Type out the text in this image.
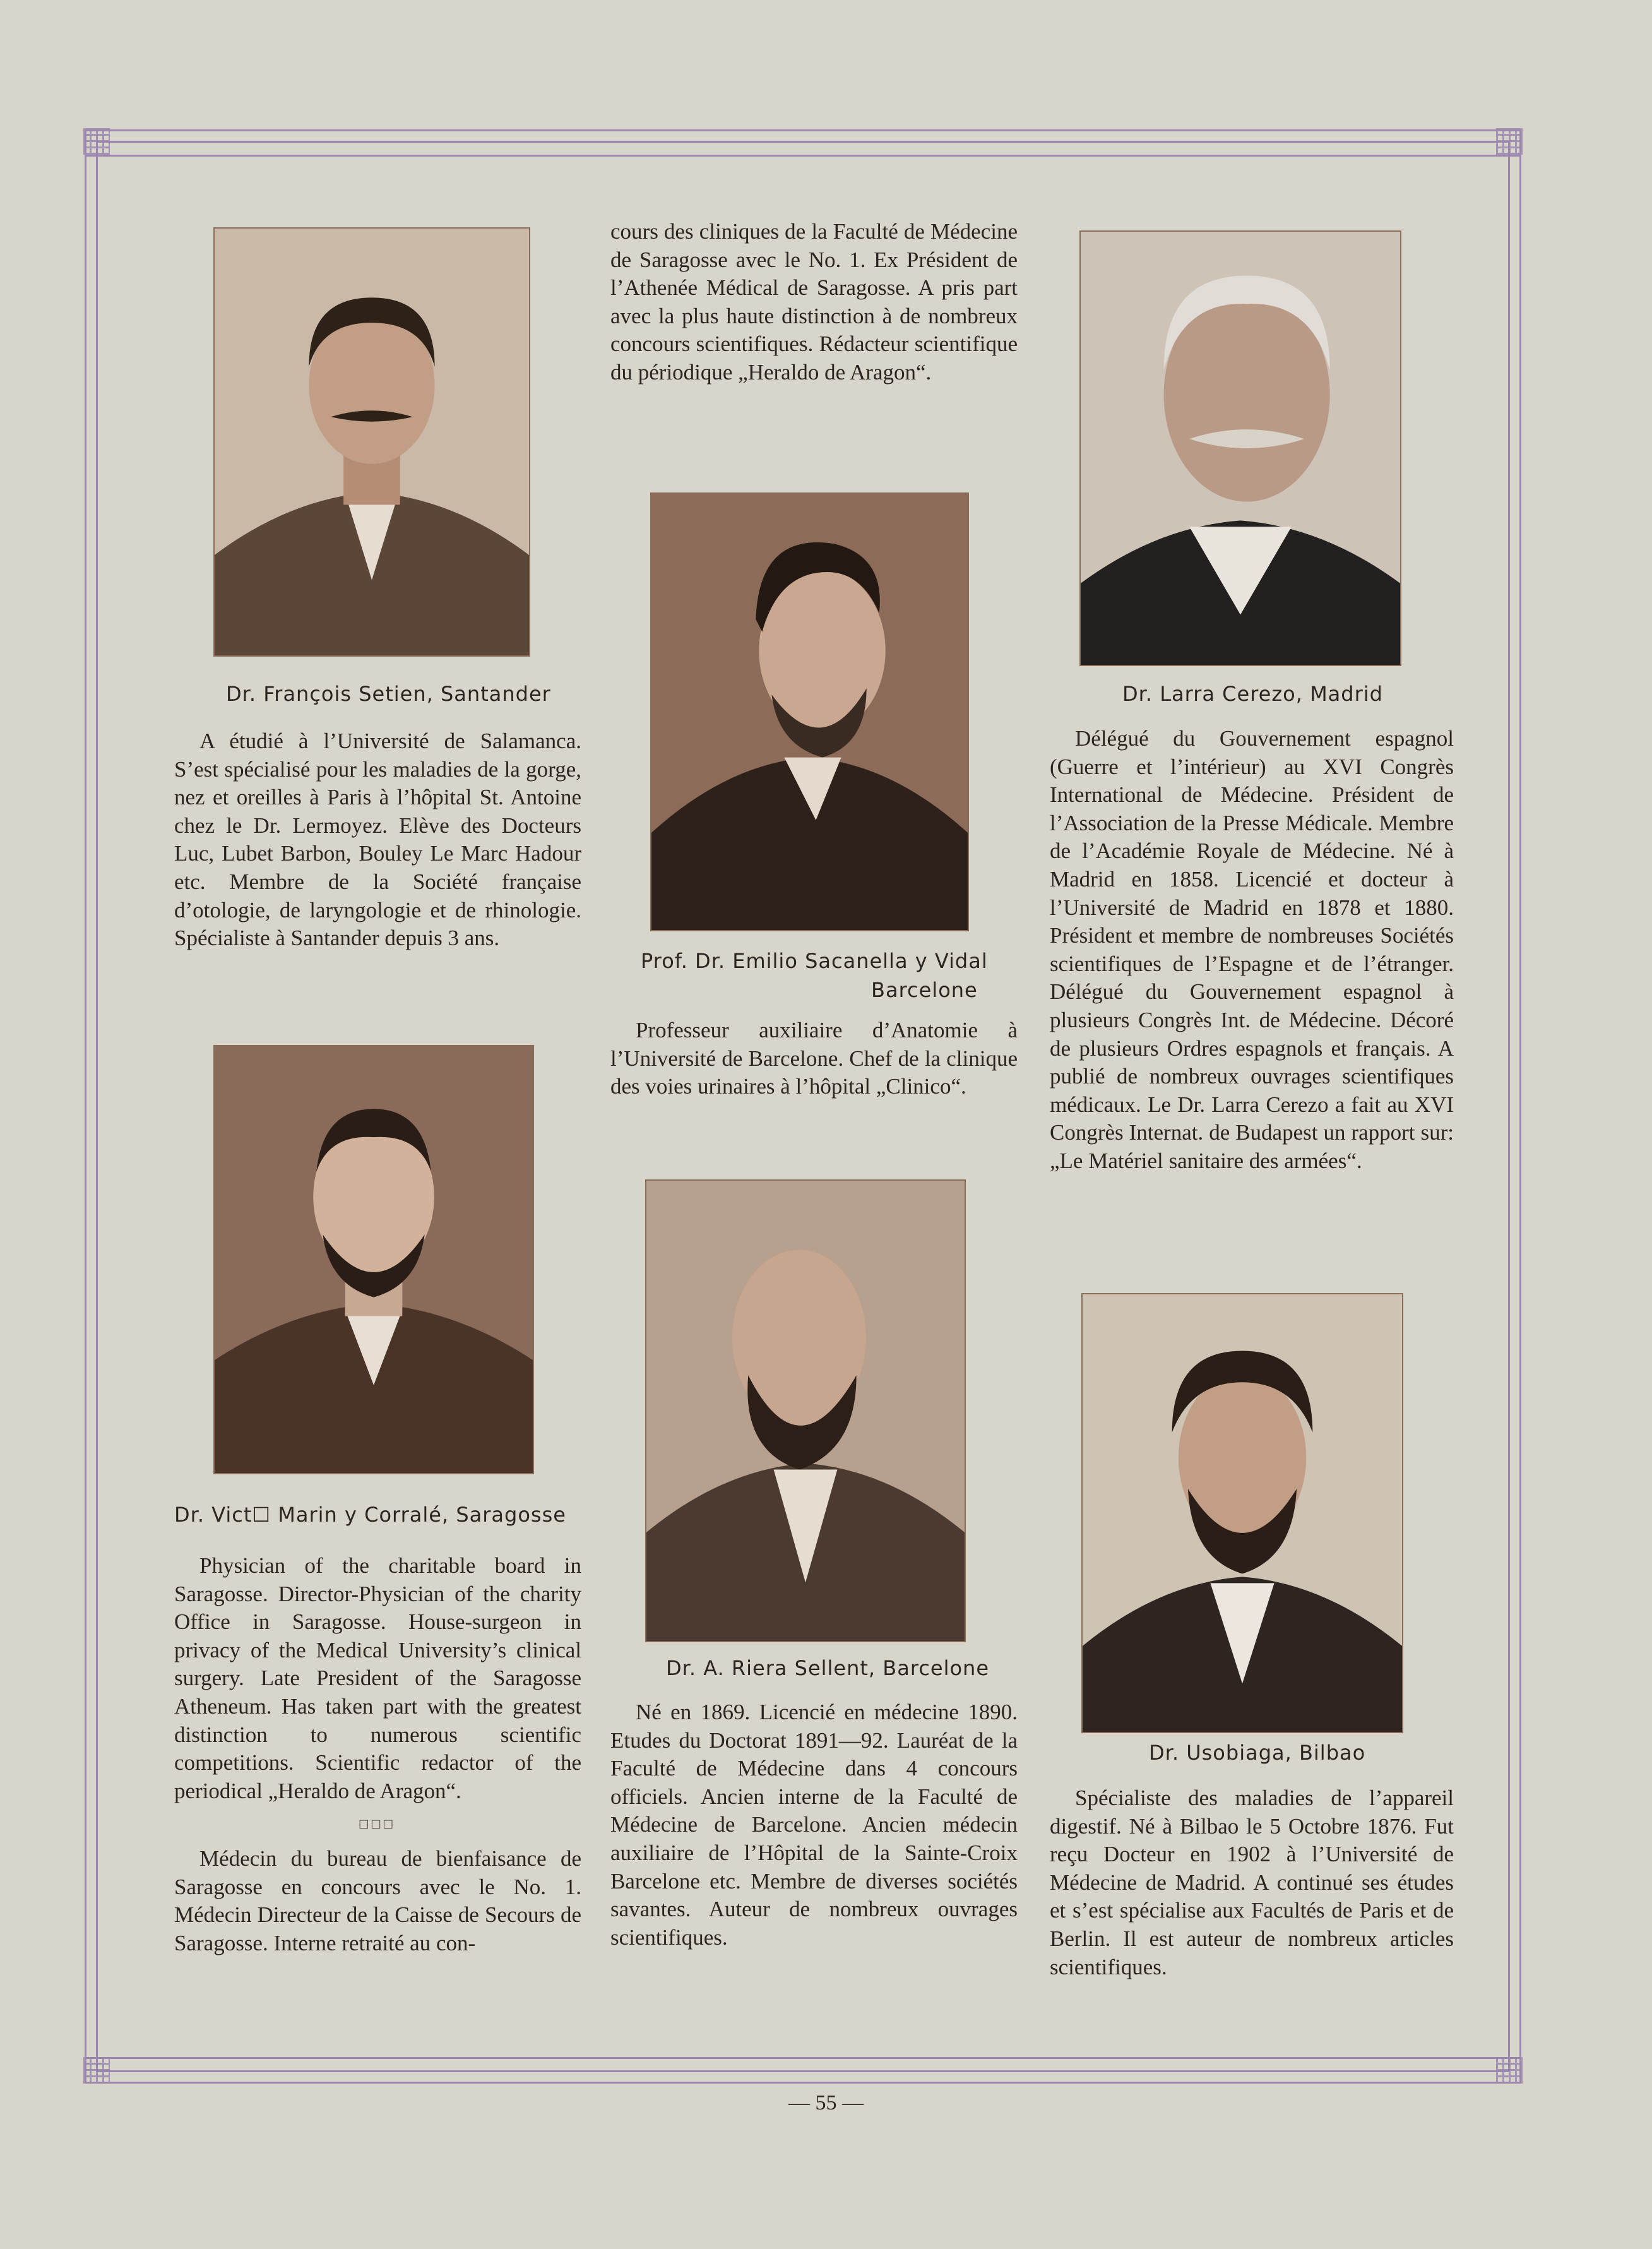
Dr. François Setien, Santander

A étudié à l’Université de Salamanca. S’est spécialisé pour les maladies de la gorge, nez et oreilles à Paris à l’hôpital St. Antoine chez le Dr. Lermoyez. Elève des Docteurs Luc, Lubet Barbon, Bouley Le Marc Hadour etc. Membre de la Société française d’otologie, de laryngologie et de rhinologie. Spécialiste à Santander depuis 3 ans.

Dr. Vict☐ Marin y Corralé, Saragosse

Physician of the charitable board in Saragosse. Director-Physician of the charity Office in Saragosse. House-surgeon in privacy of the Medical University’s clinical surgery. Late President of the Saragosse Atheneum. Has taken part with the greatest distinction to numerous scientific competitions. Scientific redactor of the periodical „Heraldo de Aragon“.

□□□

Médecin du bureau de bienfaisance de Saragosse en concours avec le No. 1. Médecin Directeur de la Caisse de Secours de Saragosse. Interne retraité au con-

cours des cliniques de la Faculté de Médecine de Saragosse avec le No. 1. Ex Président de l’Athenée Médical de Saragosse. A pris part avec la plus haute distinction à de nombreux concours scientifiques. Rédacteur scientifique du périodique „Heraldo de Aragon“.

Prof. Dr. Emilio Sacanella y Vidal
Barcelone

Professeur auxiliaire d’Anatomie à l’Université de Barcelone. Chef de la clinique des voies urinaires à l’hôpital „Clinico“.

Dr. A. Riera Sellent, Barcelone

Né en 1869. Licencié en médecine 1890. Etudes du Doctorat 1891—92. Lauréat de la Faculté de Médecine dans 4 concours officiels. Ancien interne de la Faculté de Médecine de Barcelone. Ancien médecin auxiliaire de l’Hôpital de la Sainte-Croix Barcelone etc. Membre de diverses sociétés savantes. Auteur de nombreux ouvrages scientifiques.

Dr. Larra Cerezo, Madrid

Délégué du Gouvernement espagnol (Guerre et l’intérieur) au XVI Congrès International de Médecine. Président de l’Association de la Presse Médicale. Membre de l’Académie Royale de Médecine. Né à Madrid en 1858. Licencié et docteur à l’Université de Madrid en 1878 et 1880. Président et membre de nombreuses Sociétés scientifiques de l’Espagne et de l’étranger. Délégué du Gouvernement espagnol à plusieurs Congrès Int. de Médecine. Décoré de plusieurs Ordres espagnols et français. A publié de nombreux ouvrages scientifiques médicaux. Le Dr. Larra Cerezo a fait au XVI Congrès Internat. de Budapest un rapport sur: „Le Matériel sanitaire des armées“.

Dr. Usobiaga, Bilbao

Spécialiste des maladies de l’appareil digestif. Né à Bilbao le 5 Octobre 1876. Fut reçu Docteur en 1902 à l’Université de Médecine de Madrid. A continué ses études et s’est spécialise aux Facultés de Paris et de Berlin. Il est auteur de nombreux articles scientifiques.

— 55 —
